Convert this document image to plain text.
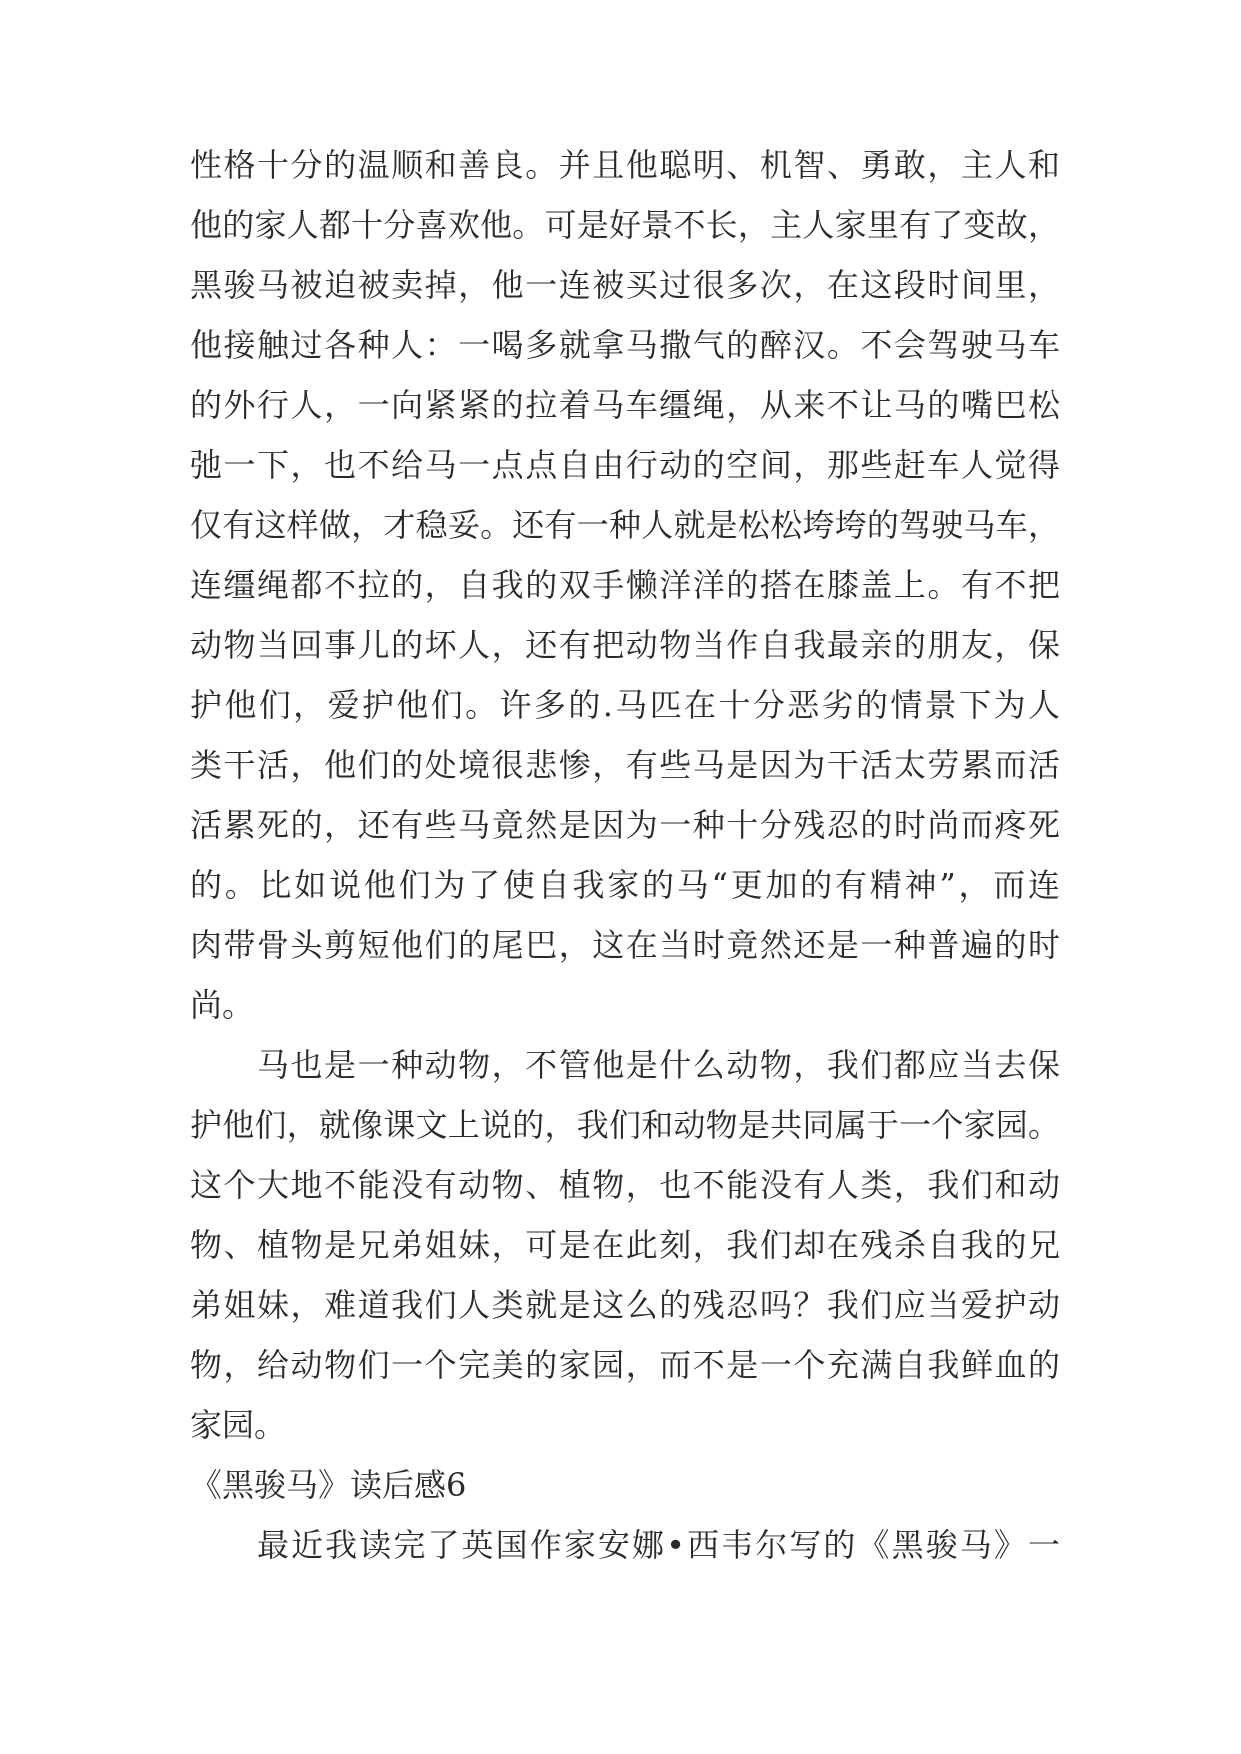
性格十分的温顺和善良。并且他聪明、机智、勇敢，主人和
他的家人都十分喜欢他。可是好景不长，主人家里有了变故，
黑骏马被迫被卖掉，他一连被买过很多次，在这段时间里，
他接触过各种人：一喝多就拿马撒气的醉汉。不会驾驶马车
的外行人，一向紧紧的拉着马车缰绳，从来不让马的嘴巴松
弛一下，也不给马一点点自由行动的空间，那些赶车人觉得
仅有这样做，才稳妥。还有一种人就是松松垮垮的驾驶马车，
连缰绳都不拉的，自我的双手懒洋洋的搭在膝盖上。有不把
动物当回事儿的坏人，还有把动物当作自我最亲的朋友，保
护他们，爱护他们。许多的.马匹在十分恶劣的情景下为人
类干活，他们的处境很悲惨，有些马是因为干活太劳累而活
活累死的，还有些马竟然是因为一种十分残忍的时尚而疼死
的。比如说他们为了使自我家的马“更加的有精神”，而连
肉带骨头剪短他们的尾巴，这在当时竟然还是一种普遍的时
尚。
马也是一种动物，不管他是什么动物，我们都应当去保
护他们，就像课文上说的，我们和动物是共同属于一个家园。
这个大地不能没有动物、植物，也不能没有人类，我们和动
物、植物是兄弟姐妹，可是在此刻，我们却在残杀自我的兄
弟姐妹，难道我们人类就是这么的残忍吗？我们应当爱护动
物，给动物们一个完美的家园，而不是一个充满自我鲜血的
家园。
《黑骏马》读后感6
最近我读完了英国作家安娜•西韦尔写的《黑骏马》一
